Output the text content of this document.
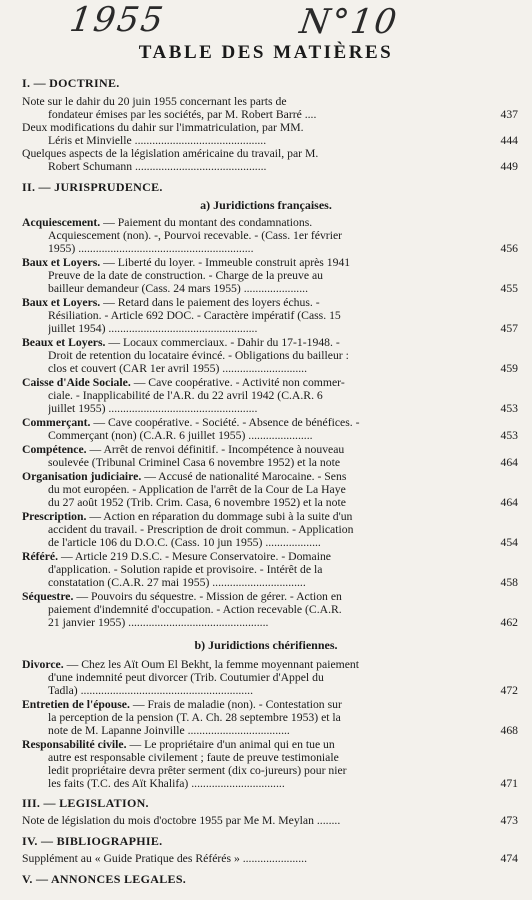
1955	N°10
TABLE DES MATIÈRES
I. — DOCTRINE.
Note sur le dahir du 20 juin 1955 concernant les parts de
fondateur émises par les sociétés, par M. Robert Barré ....	437
Deux modifications du dahir sur l'immatriculation, par MM.
Léris et Minvielle .............................................	444
Quelques aspects de la législation américaine du travail, par M.
Robert Schumann .............................................	449
II. — JURISPRUDENCE.
a) Juridictions françaises.
Acquiescement. — Paiement du montant des condamnations.
Acquiescement (non). -, Pourvoi recevable. - (Cass. 1er février
1955) ............................................................	456
Baux et Loyers. — Liberté du loyer. - Immeuble construit après 1941
Preuve de la date de construction. - Charge de la preuve au
bailleur demandeur (Cass. 24 mars 1955) ......................	455
Baux et Loyers. — Retard dans le paiement des loyers échus. -
Résiliation. - Article 692 DOC. - Caractère impératif (Cass. 15
juillet 1954) ...................................................	457
Beaux et Loyers. — Locaux commerciaux. - Dahir du 17-1-1948. -
Droit de retention du locataire évincé. - Obligations du bailleur :
clos et couvert (CAR 1er avril 1955) .............................	459
Caisse d'Aide Sociale. — Cave coopérative. - Activité non commer-
ciale. - Inapplicabilité de l'A.R. du 22 avril 1942 (C.A.R. 6
juillet 1955) ...................................................	453
Commerçant. — Cave coopérative. - Société. - Absence de bénéfices. -
Commerçant (non) (C.A.R. 6 juillet 1955) ......................	453
Compétence. — Arrêt de renvoi définitif. - Incompétence à nouveau
soulevée (Tribunal Criminel Casa 6 novembre 1952) et la note	464
Organisation judiciaire. — Accusé de nationalité Marocaine. - Sens
du mot européen. - Application de l'arrêt de la Cour de La Haye
du 27 août 1952 (Trib. Crim. Casa, 6 novembre 1952) et la note	464
Prescription. — Action en réparation du dommage subi à la suite d'un
accident du travail. - Prescription de droit commun. - Application
de l'article 106 du D.O.C. (Cass. 10 jun 1955) ...................	454
Référé. — Article 219 D.S.C. - Mesure Conservatoire. - Domaine
d'application. - Solution rapide et provisoire. - Intérêt de la
constatation (C.A.R. 27 mai 1955) ................................	458
Séquestre. — Pouvoirs du séquestre. - Mission de gérer. - Action en
paiement d'indemnité d'occupation. - Action recevable (C.A.R.
21 janvier 1955) ................................................	462
b) Juridictions chérifiennes.
Divorce. — Chez les Aït Oum El Bekht, la femme moyennant paiement
d'une indemnité peut divorcer (Trib. Coutumier d'Appel du
Tadla) ...........................................................	472
Entretien de l'épouse. — Frais de maladie (non). - Contestation sur
la perception de la pension (T. A. Ch. 28 septembre 1953) et la
note de M. Lapanne Joinville ...................................	468
Responsabilité civile. — Le propriétaire d'un animal qui en tue un
autre est responsable civilement ; faute de preuve testimoniale
ledit propriétaire devra prêter serment (dix co-jureurs) pour nier
les faits (T.C. des Aït Khalifa) ................................	471
III. — LEGISLATION.
Note de législation du mois d'octobre 1955 par Me M. Meylan ........	473
IV. — BIBLIOGRAPHIE.
Supplément au « Guide Pratique des Référés » ......................	474
V. — ANNONCES LEGALES.
